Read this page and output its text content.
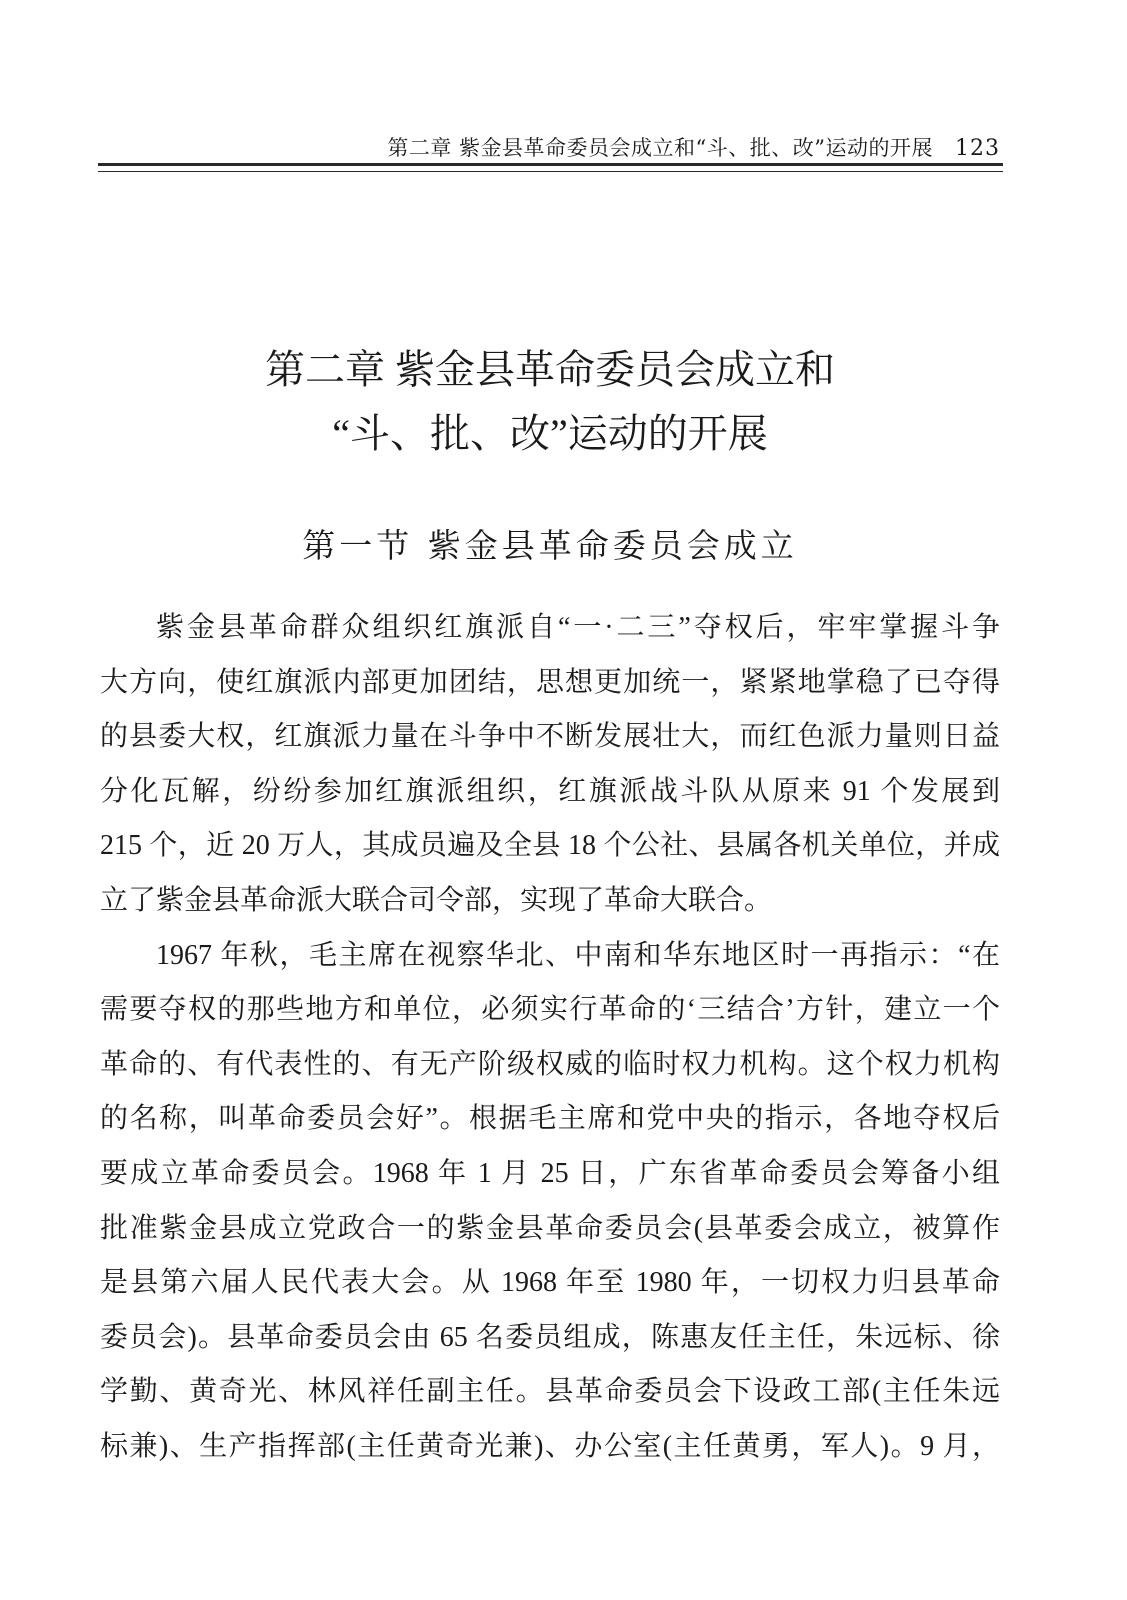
第二章 紫金县革命委员会成立和“斗、批、改”运动的开展 123
第二章 紫金县革命委员会成立和
“斗、批、改”运动的开展
第一节 紫金县革命委员会成立
紫金县革命群众组织红旗派自“一·二三”夺权后，牢牢掌握斗争
大方向，使红旗派内部更加团结，思想更加统一，紧紧地掌稳了已夺得
的县委大权，红旗派力量在斗争中不断发展壮大，而红色派力量则日益
分化瓦解，纷纷参加红旗派组织，红旗派战斗队从原来 91 个发展到
215 个，近 20 万人，其成员遍及全县 18 个公社、县属各机关单位，并成
立了紫金县革命派大联合司令部，实现了革命大联合。
1967 年秋，毛主席在视察华北、中南和华东地区时一再指示：“在
需要夺权的那些地方和单位，必须实行革命的‘三结合’方针，建立一个
革命的、有代表性的、有无产阶级权威的临时权力机构。这个权力机构
的名称，叫革命委员会好”。根据毛主席和党中央的指示，各地夺权后
要成立革命委员会。1968 年 1 月 25 日，广东省革命委员会筹备小组
批准紫金县成立党政合一的紫金县革命委员会(县革委会成立，被算作
是县第六届人民代表大会。从 1968 年至 1980 年，一切权力归县革命
委员会)。县革命委员会由 65 名委员组成，陈惠友任主任，朱远标、徐
学勤、黄奇光、林风祥任副主任。县革命委员会下设政工部(主任朱远
标兼)、生产指挥部(主任黄奇光兼)、办公室(主任黄勇，军人)。9 月，
